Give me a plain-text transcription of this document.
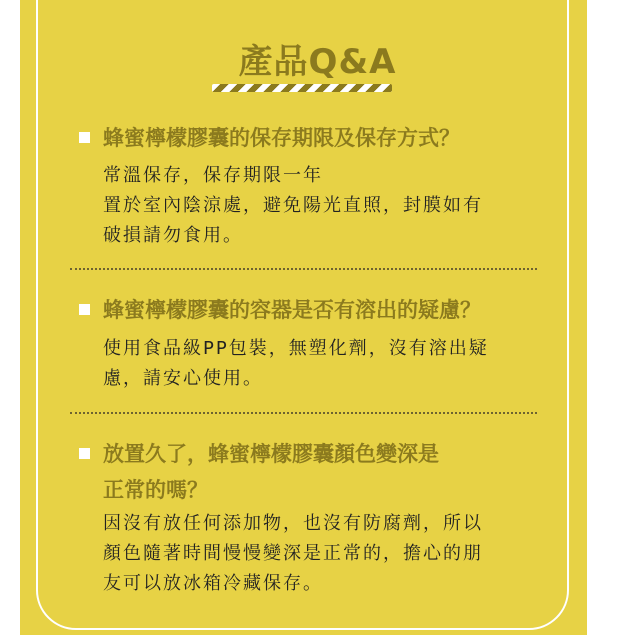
產品Q&A
蜂蜜檸檬膠囊的保存期限及保存方式？
常溫保存，保存期限一年
置於室內陰涼處，避免陽光直照，封膜如有
破損請勿食用。
蜂蜜檸檬膠囊的容器是否有溶出的疑慮？
使用食品級PP包裝，無塑化劑，沒有溶出疑
慮，請安心使用。
放置久了，蜂蜜檸檬膠囊顏色變深是
正常的嗎？
因沒有放任何添加物，也沒有防腐劑，所以
顏色隨著時間慢慢變深是正常的，擔心的朋
友可以放冰箱冷藏保存。
